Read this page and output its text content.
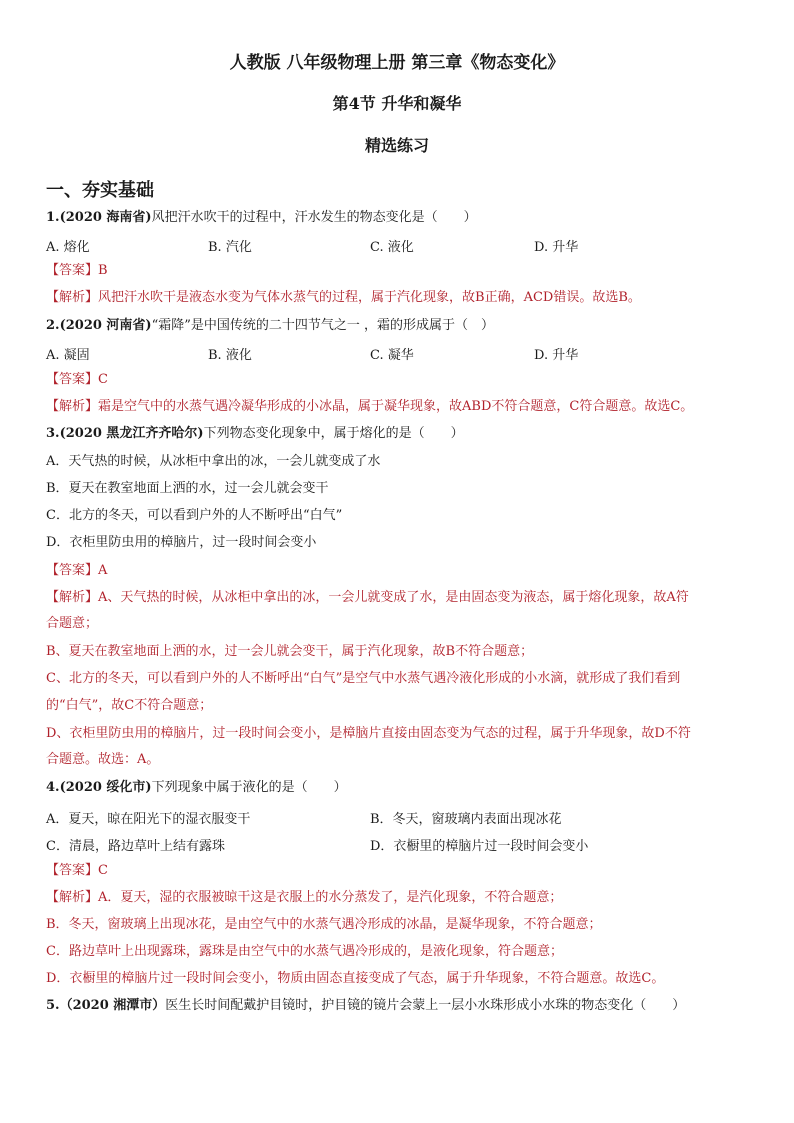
人教版 八年级物理上册 第三章《物态变化》
第4节 升华和凝华
精选练习
一、夯实基础
1.(2020 海南省)风把汗水吹干的过程中，汗水发生的物态变化是（　　）
A. 熔化	B. 汽化	C. 液化	D. 升华
【答案】B
【解析】风把汗水吹干是液态水变为气体水蒸气的过程，属于汽化现象，故B正确，ACD错误。故选B。
2.(2020 河南省)“霜降”是中国传统的二十四节气之一 ，霜的形成属于（　）
A. 凝固	B. 液化	C. 凝华	D. 升华
【答案】C
【解析】霜是空气中的水蒸气遇冷凝华形成的小冰晶，属于凝华现象，故ABD不符合题意，C符合题意。故选C。
3.(2020 黑龙江齐齐哈尔)下列物态变化现象中，属于熔化的是（　　）
A．天气热的时候，从冰柜中拿出的冰，一会儿就变成了水
B．夏天在教室地面上洒的水，过一会儿就会变干
C．北方的冬天，可以看到户外的人不断呼出“白气”
D．衣柜里防虫用的樟脑片，过一段时间会变小
【答案】A
【解析】A、天气热的时候，从冰柜中拿出的冰，一会儿就变成了水，是由固态变为液态，属于熔化现象，故A符
合题意；
B、夏天在教室地面上洒的水，过一会儿就会变干，属于汽化现象，故B不符合题意；
C、北方的冬天，可以看到户外的人不断呼出“白气”是空气中水蒸气遇冷液化形成的小水滴，就形成了我们看到
的“白气”，故C不符合题意；
D、衣柜里防虫用的樟脑片，过一段时间会变小，是樟脑片直接由固态变为气态的过程，属于升华现象，故D不符
合题意。故选：A。
4.(2020 绥化市)下列现象中属于液化的是（　　）
A．夏天，晾在阳光下的湿衣服变干	B．冬天，窗玻璃内表面出现冰花
C．清晨，路边草叶上结有露珠	D．衣橱里的樟脑片过一段时间会变小
【答案】C
【解析】A．夏天，湿的衣服被晾干这是衣服上的水分蒸发了，是汽化现象，不符合题意；
B．冬天，窗玻璃上出现冰花，是由空气中的水蒸气遇冷形成的冰晶，是凝华现象，不符合题意；
C．路边草叶上出现露珠，露珠是由空气中的水蒸气遇冷形成的，是液化现象，符合题意；
D．衣橱里的樟脑片过一段时间会变小，物质由固态直接变成了气态，属于升华现象，不符合题意。故选C。
5.（2020 湘潭市）医生长时间配戴护目镜时，护目镜的镜片会蒙上一层小水珠形成小水珠的物态变化（　　）
